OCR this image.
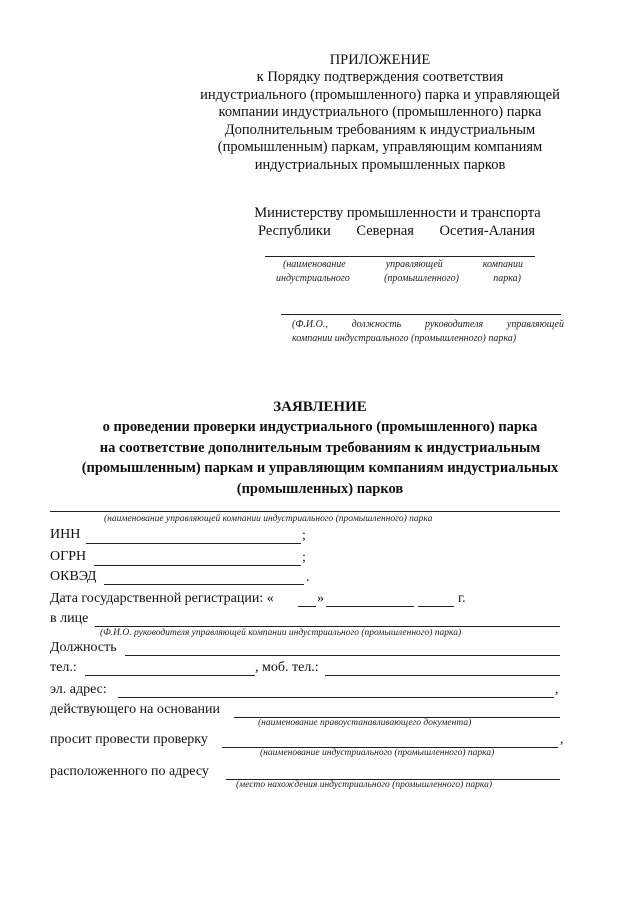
ПРИЛОЖЕНИЕ
к Порядку подтверждения соответствия
индустриального (промышленного) парка и управляющей
компании индустриального (промышленного) парка
Дополнительным требованиям к индустриальным
(промышленным) паркам, управляющим компаниям
индустриальных промышленных парков
Министерству промышленности и транспорта
Республики Северная Осетия-Алания
(наименование	управляющей	компании
индустриального	(промышленного)	парка)
(Ф.И.О., должность руководителя управляющей
компании индустриального (промышленного) парка)
ЗАЯВЛЕНИЕ
о проведении проверки индустриального (промышленного) парка
на соответствие дополнительным требованиям к индустриальным
(промышленным) паркам и управляющим компаниям индустриальных
(промышленных) парков
(наименование управляющей компании индустриального (промышленного) парка
ИНН	;
ОГРН	;
ОКВЭД	.
Дата государственной регистрации: «	»	г.
в лице
(Ф.И.О. руководителя управляющей компании индустриального (промышленного) парка)
Должность
тел.:	, моб. тел.:
эл. адрес:	,
действующего на основании
(наименование правоустанавливающего документа)
просит провести проверку	,
(наименование индустриального (промышленного) парка)
расположенного по адресу
(место нахождения индустриального (промышленного) парка)
